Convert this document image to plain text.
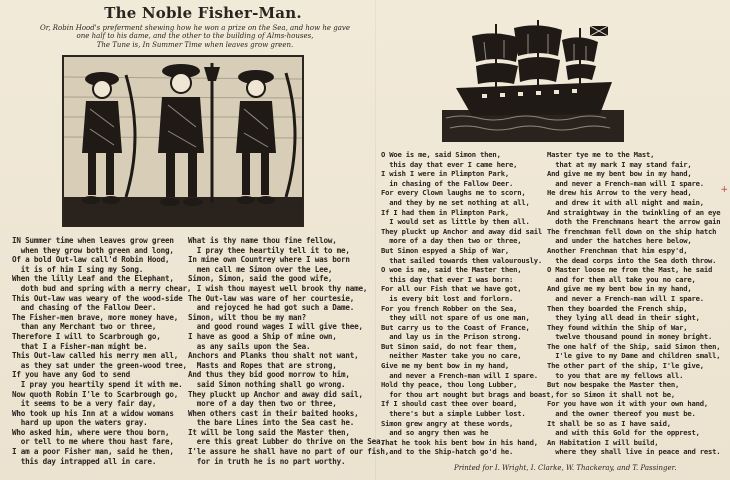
The Noble Fisher-Man.
Or, Robin Hood's preferment shewing how he won a prize on the Sea, and how he gave
one half to his dame, and the other to the building of Alms-houses,
The Tune is, In Summer Time when leaves grow green.
IN Summer time when leaves grow green
when they grow both green and long,
Of a bold Out-law call'd Robin Hood,
it is of him I sing my Song.
When the lilly Leaf and the Elephant,
doth bud and spring with a merry chear,
This Out-law was weary of the wood-side
and chasing of the Fallow Deer.
The Fisher-men brave, more money have,
than any Merchant two or three,
Therefore I will to Scarbrough go,
that I a Fisher-man might be.
This Out-law called his merry men all,
as they sat under the green-wood tree,
If you have any God to send
I pray you heartily spend it with me.
Now quoth Robin I'le to Scarbrough go,
it seems to be a very fair day,
Who took up his Inn at a widow womans
hard up upon the waters gray.
Who asked him, where were thou born,
or tell to me where thou hast fare,
I am a poor Fisher man, said he then,
this day intrapped all in care.
What is thy name thou fine fellow,
I pray thee heartily tell it to me,
In mine own Countrey where I was born
men call me Simon over the Lee,
Simon, Simon, said the good wife,
I wish thou mayest well brook thy name,
The Out-law was ware of her courtesie,
and rejoyced he had got such a Dame.
Simon, wilt thou be my man?
and good round wages I will give thee,
I have as good a Ship of mine own,
as any sails upon the Sea.
Anchors and Planks thou shalt not want,
Masts and Ropes that are strong,
And thus they bid good morrow to him,
said Simon nothing shall go wrong.
They pluckt up Anchor and away did sail,
more of a day then two or three,
When others cast in their baited hooks,
the bare Lines into the Sea cast he.
It will be long said the Master then,
ere this great Lubber do thrive on the Sea,
I'le assure he shall have no part of our fish,
for in truth he is no part worthy.
O Woe is me, said Simon then,
this day that ever I came here,
I wish I were in Plimpton Park,
in chasing of the Fallow Deer.
For every Clown laughs me to scorn,
and they by me set nothing at all,
If I had them in Plimpton Park,
I would set as little by them all.
They pluckt up Anchor and away did sail
more of a day then two or three,
But Simon espyed a Ship of War,
that sailed towards them valourously.
O woe is me, said the Master then,
this day that ever I was born:
For all our Fish that we have got,
is every bit lost and forlorn.
For you french Robber on the Sea,
they will not spare of us one man,
But carry us to the Coast of France,
and lay us in the Prison strong.
But Simon said, do not fear them,
neither Master take you no care,
Give me my bent bow in my hand,
and never a French-man will I spare.
Hold thy peace, thou long Lubber,
for thou art nought but brags and boast,
If I should cast thee over board,
there's but a simple Lubber lost.
Simon grew angry at these words,
and so angry then was he
That he took his bent bow in his hand,
and to the Ship-hatch go'd he.
Master tye me to the Mast,
that at my mark I may stand fair,
And give me my bent bow in my hand,
and never a French-man will I spare.
He drew his Arrow to the very head,
and drew it with all might and main,
And straightway in the twinkling of an eye
doth the Frenchmans heart the arrow gain
The frenchman fell down on the ship hatch
and under the hatches here below,
Another Frenchman that him espy'd,
the dead corps into the Sea doth throw.
O Master loose me from the Mast, he said
and for them all take you no care,
And give me my bent bow in my hand,
and never a French-man will I spare.
Then they boarded the French ship,
they lying all dead in their sight,
They found within the Ship of War,
twelve thousand pound in money bright.
The one half of the Ship, said Simon then,
I'le give to my Dame and children small,
The other part of the ship, I'le give,
to you that are my fellows all.
But now bespake the Master then,
for so Simon it shall not be,
For you have won it with your own hand,
and the owner thereof you must be.
It shall be so as I have said,
and with this Gold for the opprest,
An Habitation I will build,
where they shall live in peace and rest.
Printed for I. Wright, I. Clarke, W. Thackeray, and T. Passinger.
+
